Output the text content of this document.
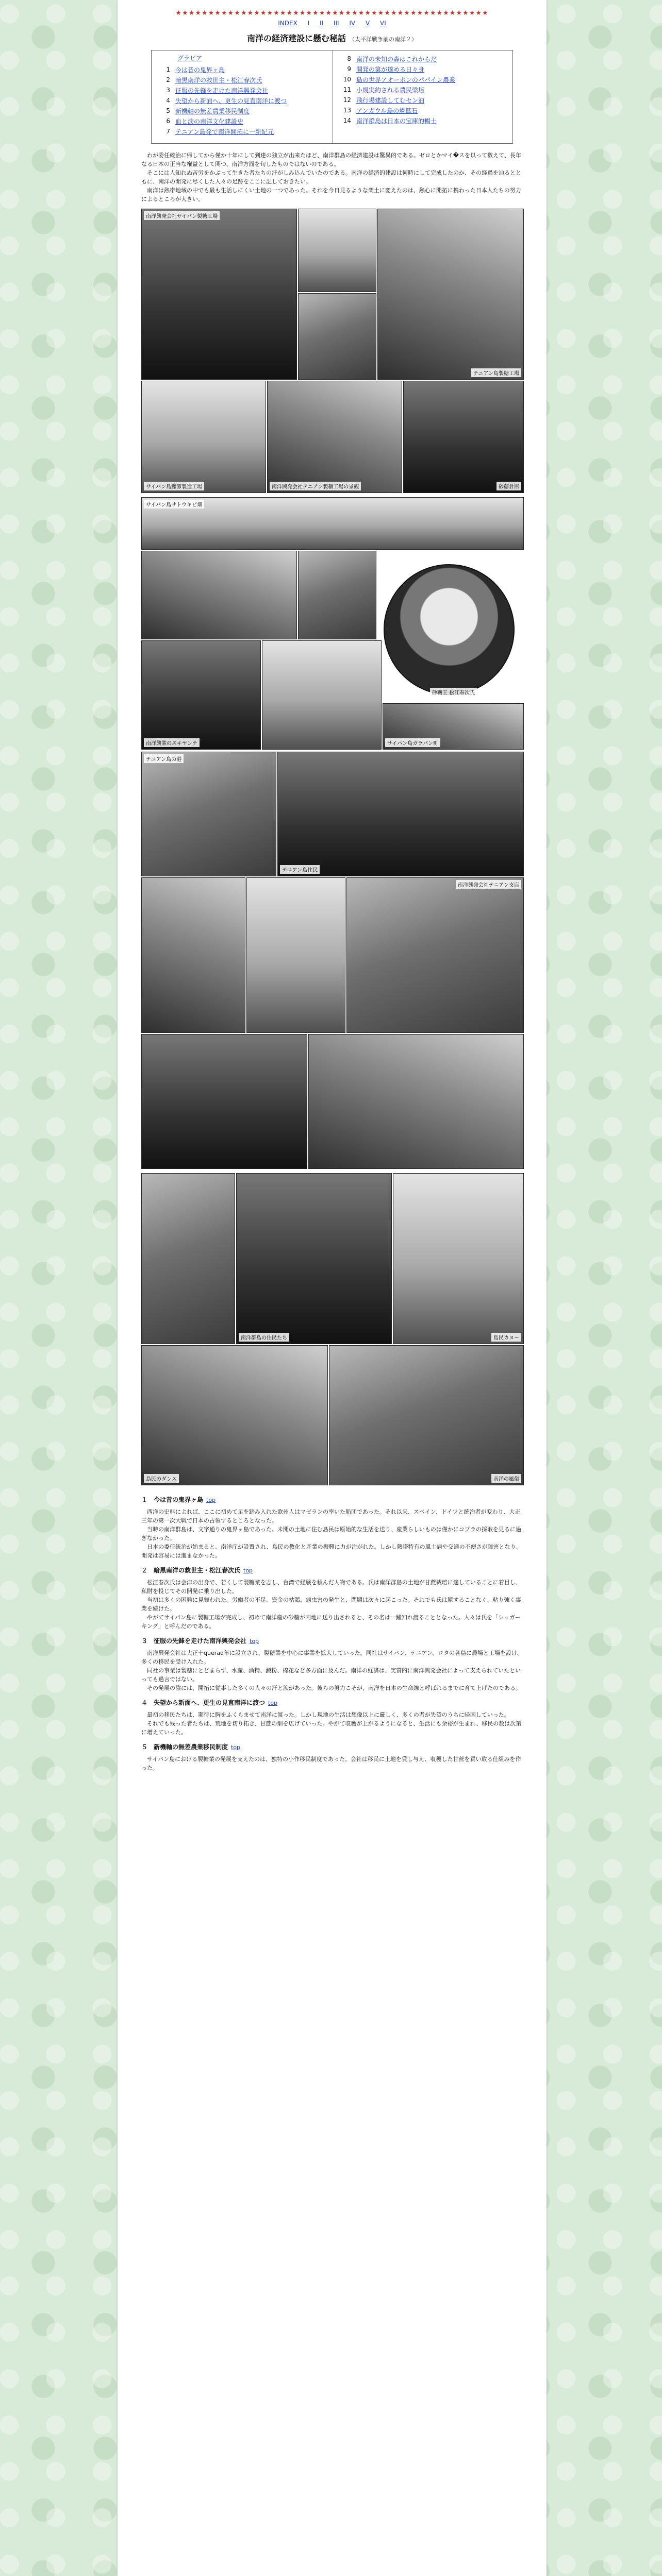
★★★★★★★★★★★★★★★★★★★★★★★★★★★★★★★★★★★★★★★★★★★★★★★★
INDEX I II III IV V VI
南洋の経済建設に懸む秘話 （太平洋戦争前の南洋２）
グラビア
1 今は昔の鬼界ヶ島
2 暗黒南洋の救世主・松江春次氏
3 征服の先鋒を走けた南洋興発会社
4 失望から新面へ、更生の見直南洋に渡つ
5 新機軸の無差農業移民制度
6 血と涙の南洋文化建設史
7 テニアン島発で南洋開拓に一新紀元
8 南洋の未知の森はこれからだ
9 開発の第が遂める日々身
10 島の世界アオーポンのパパイン農業
11 小規実約される農民梁培
12 飛行場建設してむセン油
13 アンガウル島の燐鉱石
14 南洋群島は日本の宝庫的暢士

わが委任統治に帰してから僅か十年にして到達の独立が出来たほど、南洋群島の経済建設は驚異的である。ゼロとかマイ�スを以って数えて、長年なる日本の正当な権益として関つ、南洋方面を旬したものではないのである。

そこには人知れぬ苦労をかぶって生きた者たちの汗がしみ込んでいたのである。南洋の経済的建設は何時にして完成したのか、その経過を辿るとともに、南洋の開発に尽くした人々の足跡をここに記しておきたい。

南洋は熱帯地域の中でも最も生活しにくい土地の一つであった。それを今日見るような楽土に変えたのは、熱心に開拓に携わった日本人たちの努力によるところが大きい。

南洋興発会社サイパン製糖工場
テニアン島製糖工場
サイパン島鰹節製造工場	南洋興発会社テニアン製糖工場の景観	砂糖倉庫
サイパン島サトウキビ畑
砂糖王 松江春次氏
南洋興業のスキヤンテ	サイパン島ガラパン町
テニアン島の港
テニアン島住民
南洋興発会社テニアン支店
南洋群島の住民たち	島民カヌー
島民のダンス	南洋の風俗
１　今は昔の鬼界ヶ島 top

西洋の史料によれば、ここに初めて足を踏み入れた欧州人はマゼランの率いた船団であった。それ以来、スペイン、ドイツと統治者が変わり、大正三年の第一次大戦で日本の占領するところとなった。

当時の南洋群島は、文字通りの鬼界ヶ島であった。未開の土地に住む島民は原始的な生活を送り、産業らしいものは僅かにコプラの採取を見るに過ぎなかった。

日本の委任統治が始まると、南洋庁が設置され、島民の教化と産業の振興に力が注がれた。しかし熱帯特有の風土病や交通の不便さが障害となり、開発は容易には進まなかった。

２　暗黒南洋の救世主・松江春次氏 top

松江春次氏は会津の出身で、若くして製糖業を志し、台湾で経験を積んだ人物である。氏は南洋群島の土地が甘蔗栽培に適していることに着目し、私財を投じてその開発に乗り出した。

当初は多くの困難に見舞われた。労働者の不足、資金の枯渇、病虫害の発生と、問題は次々に起こった。それでも氏は屈することなく、粘り強く事業を続けた。

やがてサイパン島に製糖工場が完成し、初めて南洋産の砂糖が内地に送り出されると、その名は一躍知れ渡ることとなった。人々は氏を「シュガーキング」と呼んだのである。

３　征服の先鋒を走けた南洋興発会社 top

南洋興発会社は大正十querad年に設立され、製糖業を中心に事業を拡大していった。同社はサイパン、テニアン、ロタの各島に農場と工場を設け、多くの移民を受け入れた。

同社の事業は製糖にとどまらず、水産、酒精、澱粉、棉花など多方面に及んだ。南洋の経済は、実質的に南洋興発会社によって支えられていたといっても過言ではない。

その発展の陰には、開拓に従事した多くの人々の汗と涙があった。彼らの努力こそが、南洋を日本の生命線と呼ばれるまでに育て上げたのである。

４　失望から新面へ、更生の見直南洋に渡つ top

最初の移民たちは、期待に胸をふくらませて南洋に渡った。しかし現地の生活は想像以上に厳しく、多くの者が失望のうちに帰国していった。

それでも残った者たちは、荒地を切り拓き、甘蔗の畑を広げていった。やがて収穫が上がるようになると、生活にも余裕が生まれ、移民の数は次第に増えていった。

５　新機軸の無差農業移民制度 top

サイパン島における製糖業の発展を支えたのは、独特の小作移民制度であった。会社は移民に土地を貸し与え、収穫した甘蔗を買い取る仕組みを作った。
